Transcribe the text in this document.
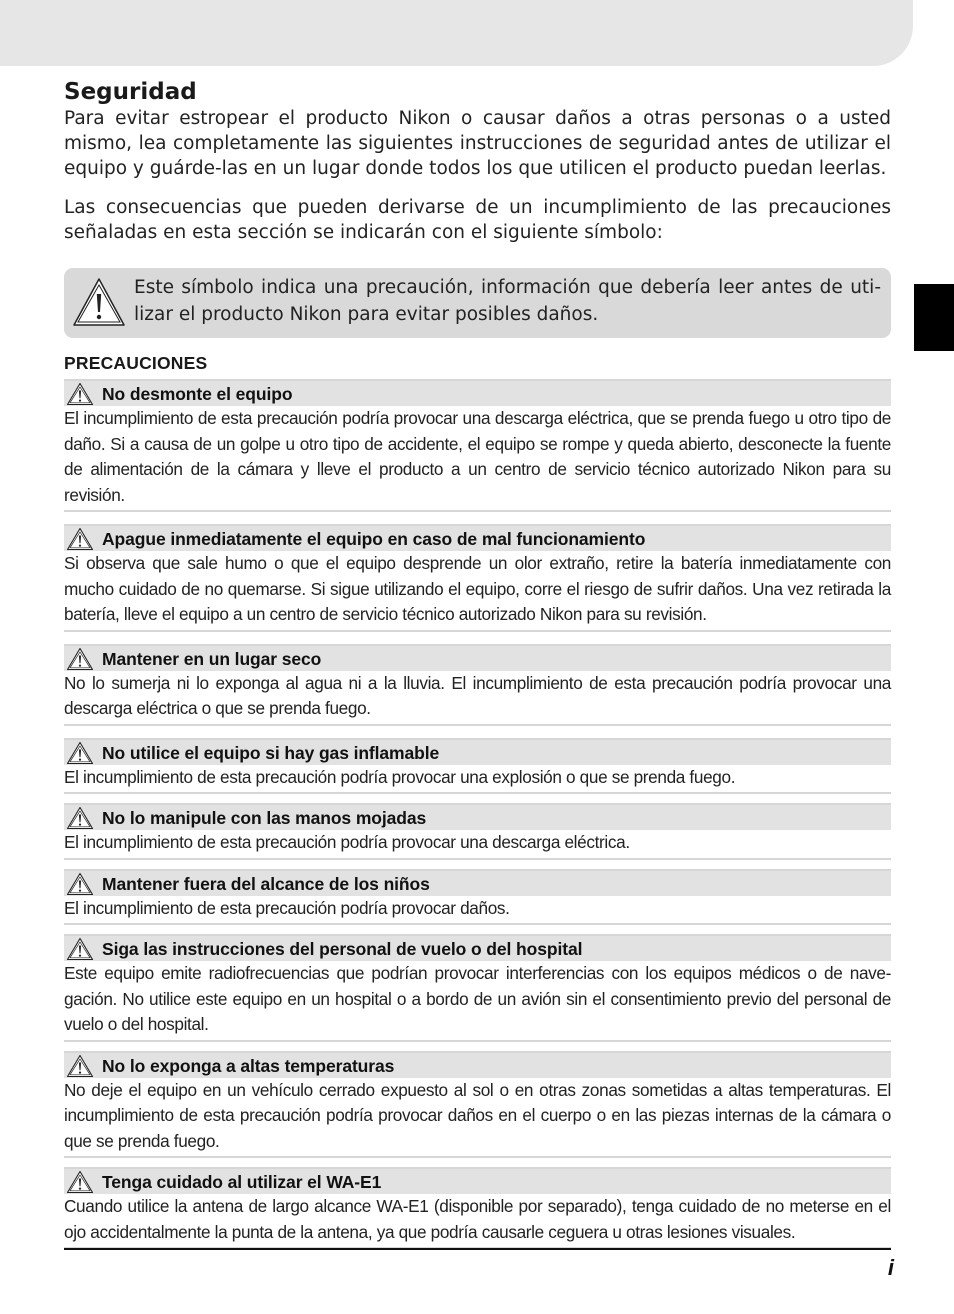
Seguridad

Para evitar estropear el producto Nikon o causar daños a otras personas o a usted mismo, lea completamente las siguientes instrucciones de seguridad antes de utilizar el equipo y guárde-las en un lugar donde todos los que utilicen el producto puedan leerlas.

Las consecuencias que pueden derivarse de un incumplimiento de las precauciones señaladas en esta sección se indicarán con el siguiente símbolo:

Este símbolo indica una precaución, información que debería leer antes de uti-lizar el producto Nikon para evitar posibles daños.

PRECAUCIONES
No desmonte el equipo

El incumplimiento de esta precaución podría provocar una descarga eléctrica, que se prenda fuego u otro tipo de daño. Si a causa de un golpe u otro tipo de accidente, el equipo se rompe y queda abierto, desconecte la fuente de alimentación de la cámara y lleve el producto a un centro de servicio técnico autorizado Nikon para su revisión.

Apague inmediatamente el equipo en caso de mal funcionamiento

Si observa que sale humo o que el equipo desprende un olor extraño, retire la batería inmediatamente con mucho cuidado de no quemarse. Si sigue utilizando el equipo, corre el riesgo de sufrir daños. Una vez retirada la batería, lleve el equipo a un centro de servicio técnico autorizado Nikon para su revisión.

Mantener en un lugar seco

No lo sumerja ni lo exponga al agua ni a la lluvia. El incumplimiento de esta precaución podría provocar una descarga eléctrica o que se prenda fuego.

No utilice el equipo si hay gas inflamable

El incumplimiento de esta precaución podría provocar una explosión o que se prenda fuego.

No lo manipule con las manos mojadas

El incumplimiento de esta precaución podría provocar una descarga eléctrica.

Mantener fuera del alcance de los niños

El incumplimiento de esta precaución podría provocar daños.

Siga las instrucciones del personal de vuelo o del hospital

Este equipo emite radiofrecuencias que podrían provocar interferencias con los equipos médicos o de nave-gación. No utilice este equipo en un hospital o a bordo de un avión sin el consentimiento previo del personal de vuelo o del hospital.

No lo exponga a altas temperaturas

No deje el equipo en un vehículo cerrado expuesto al sol o en otras zonas sometidas a altas temperaturas. El incumplimiento de esta precaución podría provocar daños en el cuerpo o en las piezas internas de la cámara o que se prenda fuego.

Tenga cuidado al utilizar el WA-E1

Cuando utilice la antena de largo alcance WA-E1 (disponible por separado), tenga cuidado de no meterse en el ojo accidentalmente la punta de la antena, ya que podría causarle ceguera u otras lesiones visuales.

i
